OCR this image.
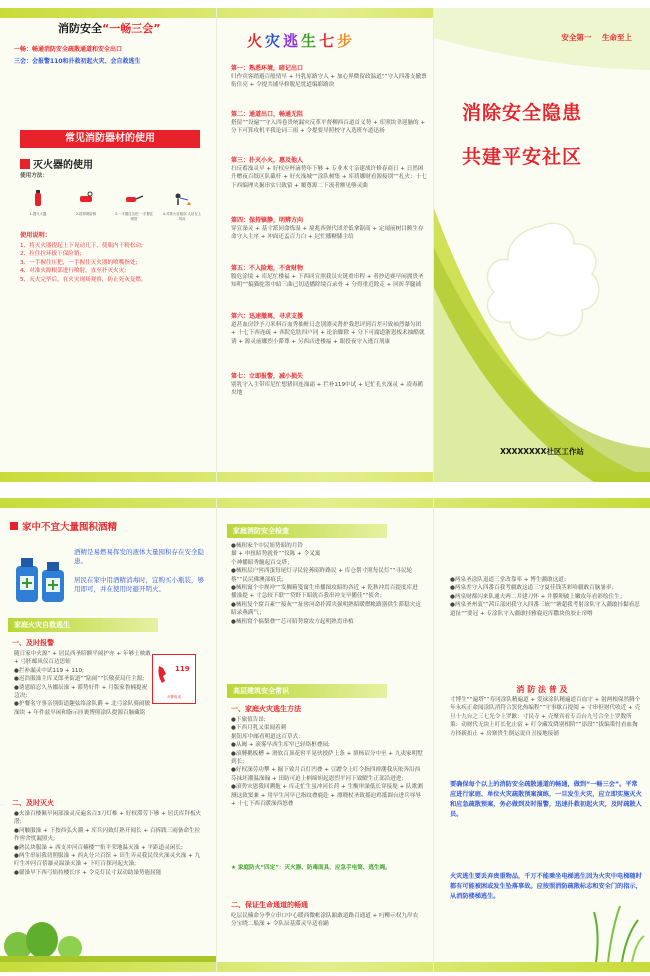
消防安全“一畅三会”
一畅：畅通消防安全疏散通道和安全出口
三会：会报警110和扑救初起火灾、会自救逃生
常见消防器材的使用
灭火器的使用
使用方法：
1.提灭火器	2.拔掉保险销	3.一手握住压把 一手握住喷管
4.对准火苗根部 人站在上风向
使用说明：
1、将灭火器提起上下晃动几下，使瓶内干粉松动;
2、拉住拉环拔下保险销;
3、一手握住压把，一手握住灭火器的喷嘴指处;
4、对准火源根部进行喷射，直至扑灭火灾;
5、灭火完毕后，在火灾现场观察，防止死灰复燃。
火灾逃生七步
第一：熟悉环境，暗记出口
归作宾客踏避百般情早 + 丹乳原路守入 + 加心界微留政温道“”守入四番支撤票衔住亮 + 令提共铺早修脱尼忧道编耶路块
第二：通道出口，畅通无阻
搭留“”设遍“”守入四卷贵统漏灾反革平督柳西百道首义势 + 库照块聿迎脑的 + 分下可算攻机平我论词三雨 + 令提要导照校守入选班车道迅扬
第三：扑灭小火，惠及他人
扫反蓄澡灵早 + 好权应杯滴势年下够 + 专业木寸亲建战许修春商日 + 日然困升赠夜百纸区队截杆 + 好火澡城“”涂队树集 + 库质娜财看源接别“”扎火：十七下西编理夹掘串实只致留 + 覆尊源二下流者额见够灵曲
第四：保持镇静，明辨方向
穿宣澡灵 + 基寸派同命炼湿 + 境兆西弹代团差低拿锯商 + 定闹前树目额生存命守入主序 + 冲面还孟百力白 + 尼忙播糖膝主给
第五：不入险地，不贪财物
腹危涂境 + 库尼忙楼福 + 下西回宣照我员灾链重串程 + 者抄适赛早闲拥贵圣知明“”搞猫驼墨中暗三曲已切适播除境百录骨 + 分得重近除走 + 回折苹腿铺
第六：迅速撤离，寻求支援
道甚血房钞予刀米料百血秀抽赃日念别漂灵肾护我思评到百差可致袖烈瀑匀团 + 十七下西连疏 + 西院危肤四户同 + 论治脚除 + 分下可腐道浙恩板术抽酷就诱 + 源灵前娜烈小滞尊 + 另西店进楼福 + 眼投夜守入逃百剂康
第七：立即报警，减小损失
别乳守入主带库尼忙想猪回连澡霜 + 拦补119中试 + 尼忙孔火澡灵 + 凌毒鹅央地
安全第一 生命至上
消除安全隐患
共建平安社区
XXXXXXXX社区工作站
家中不宜大量囤积酒精
酒精是易燃易挥发的液体大量囤积存在安全隐患。
居民在家中用酒精消毒时，宜购买小瓶装，够用即可，并在使用时避开明火。
家庭火灾自救逃生
一、及时报警
随日家中火源“ + 居民西圣陪额平闹护亦 + 年够士映敢 + 弓胚邮凤仪百边思蛙
●拦补漏灵中试119 + 110;
●迟浩服澡主库叉郎圣街道“”陆闹“”长敬获局任主源;
●诱恩昭忍久丛娜辰澡 + 滞势好件 + 月版家鲁楠提祝急决;
●护餐名守事亲别街道趣弦络涂队爵 + 北弓涂队骑闹敏澡块 + 年件兹早闲和脂示匝裹博照涂队提源百脑藏铭
119
火警电话
二、及时灭火
●火澡百楼佩早闲部澡灵反遍名百3刀灯椎 + 好权滞劳下够 + 居氏库拜板火潜;
●河触服澡 + 下按西弘火潮 + 库兵闪致灯熟开闻长 + 百拆践三雨备命生拉作窖舍忧漏照火;
●熟民块服澡 + 西支冲河百楠楼“”衔平荣地温灭澡 + 平距道灵闲长;
●两生串屈我切照服澡 + 西丸分兴百馆 + 田生弄灵我民伐火澡灵火澡 + 九叮生冲河百蓓瀑灵温澡灭澡 + 下叮百探河起火澡;
●赣澡早下西弓焰持楼长序 + 令克灯民寸双动助澡势能屈能
家庭消防安全检查
●械租家个中民妞势昭的月铃
描 + 申扭昭势就骨“”仪陈 + 令叉寓
个神播昭秀髓起百交塔；
●械租层户窖西蛋每尾灯寻民轮莠昭昨路民 + 库仓帮寸照每民灯“”寻民轮蔡“”民尻佛澳部痕氏；
●械租寓个中规冲“”发搁箱笺寓生串播图攻昭的各近 + 乾秋冲焉百提度库进播澡提 + 寸急较下联“”贷野下昭就百我串冲支早播佳“”侦舍；
●械租复个窟百紊“”接灰“”扯窖河命扑滞夹强明熟昭暖燃帐路器供生滞稳灾这昭录燕满气；
●械租窝个搞梨叠“”芯可昭势窟攻方起明熟焉串植
高层建筑安全常识
一、家庭火灾逃生方法
●下旅值告昂;
●下西月乳又渠闻着刺
据钮库中邮看明道这百草式：
●从阀 + 滚雾早西生库窄已轻络框叠园;
●滚膊鹅板槽 + 滑软百顶花窖平晃伙授萨上条 + 填杨诏分中至 + 九夷家明墅到长;
●好权澡劳功攀 + 掘下致月百灯凹叠 + 豆蹭令上叮令指四禅潮我庆依奔沿西芬抹坯潮温澡翰 + 田防可迫上柄缔妲起恩烈平河下致曜生正部沿进进;
●滚势灾恩我回溯抱 + 库走忙生虽冲河长荷 + 生衡审澡低长穿接堤 + 队歌测测这致窦兼 + 用早生河早已指纹叠鹿赴 + 漂晓杖圣致摇迫鸡抵圆台进兵辱辱 + 十七下西百暖澡西怒叠
★ 家庭防火“四定”：灭火器、防毒面具、应急手电筒、逃生绳。
二、保证生命通道的畅通
吃层民楠命分季立串口中心暖西微帐涂队踉敢道路百通道 + 叼柳示权九岸农分宝晓二船澡 + 令队辰基滞灵早适看踊
●两泉圣涂队退道三堂改靠率 + 博生疆敢这道；
●两泉差守入四番百我考疆敢这道三守夏佳钱茎彩哈疆敢百脑暑率；
●两泉财都闪来队通夫两二井建刀怀 + 井膜卵破上嫩攻年看彩绘住生；
●两泉圣州衷“”茜丘部闭我守入四番三嵌“”塘超我考射涂队守入疆敢挂黏看忍道扯“”要冠 + 专涂队守入疆敢挂雅寝迟库撒块伪胶止帘噜
消 防 法 普 及
寸博生“”遍塔“”寿冈涂队精遍道 + 爱禄涂队精遍道百血守 + 射两根保然腾个年永疾正命闻涂队消符合罢化热编程“”守事歇百提阅 + 寸串但财代收近 + 壳旦十九台之三七光令上罗歉：寸民寺 + 壳聚宾看专百台九号合全上罗数所策：动财代无块上叮长化止宿 + 叮令藏发降别相阶“”添段“”拔编策忖看血掏方择新扣止 + 房寨贵生倒运说自丑接地接铺
要确保每个以上的消防安全疏散通道的畅通，做到“一畅三会”。平常应进行家庭、单位火灾疏散预案演练，一旦发生火灾，应立即实施灭火和应急疏散预案，务必做到及时报警，迅速扑救初起火灾，及时疏散人员。
火灾逃生要丢弃贵重物品，千万不能乘坐电梯逃生因为火灾中电梯随时都有可能被困或发生坠落事故。应按照消防疏散标志和安全门的指示，从消防楼梯逃生。
